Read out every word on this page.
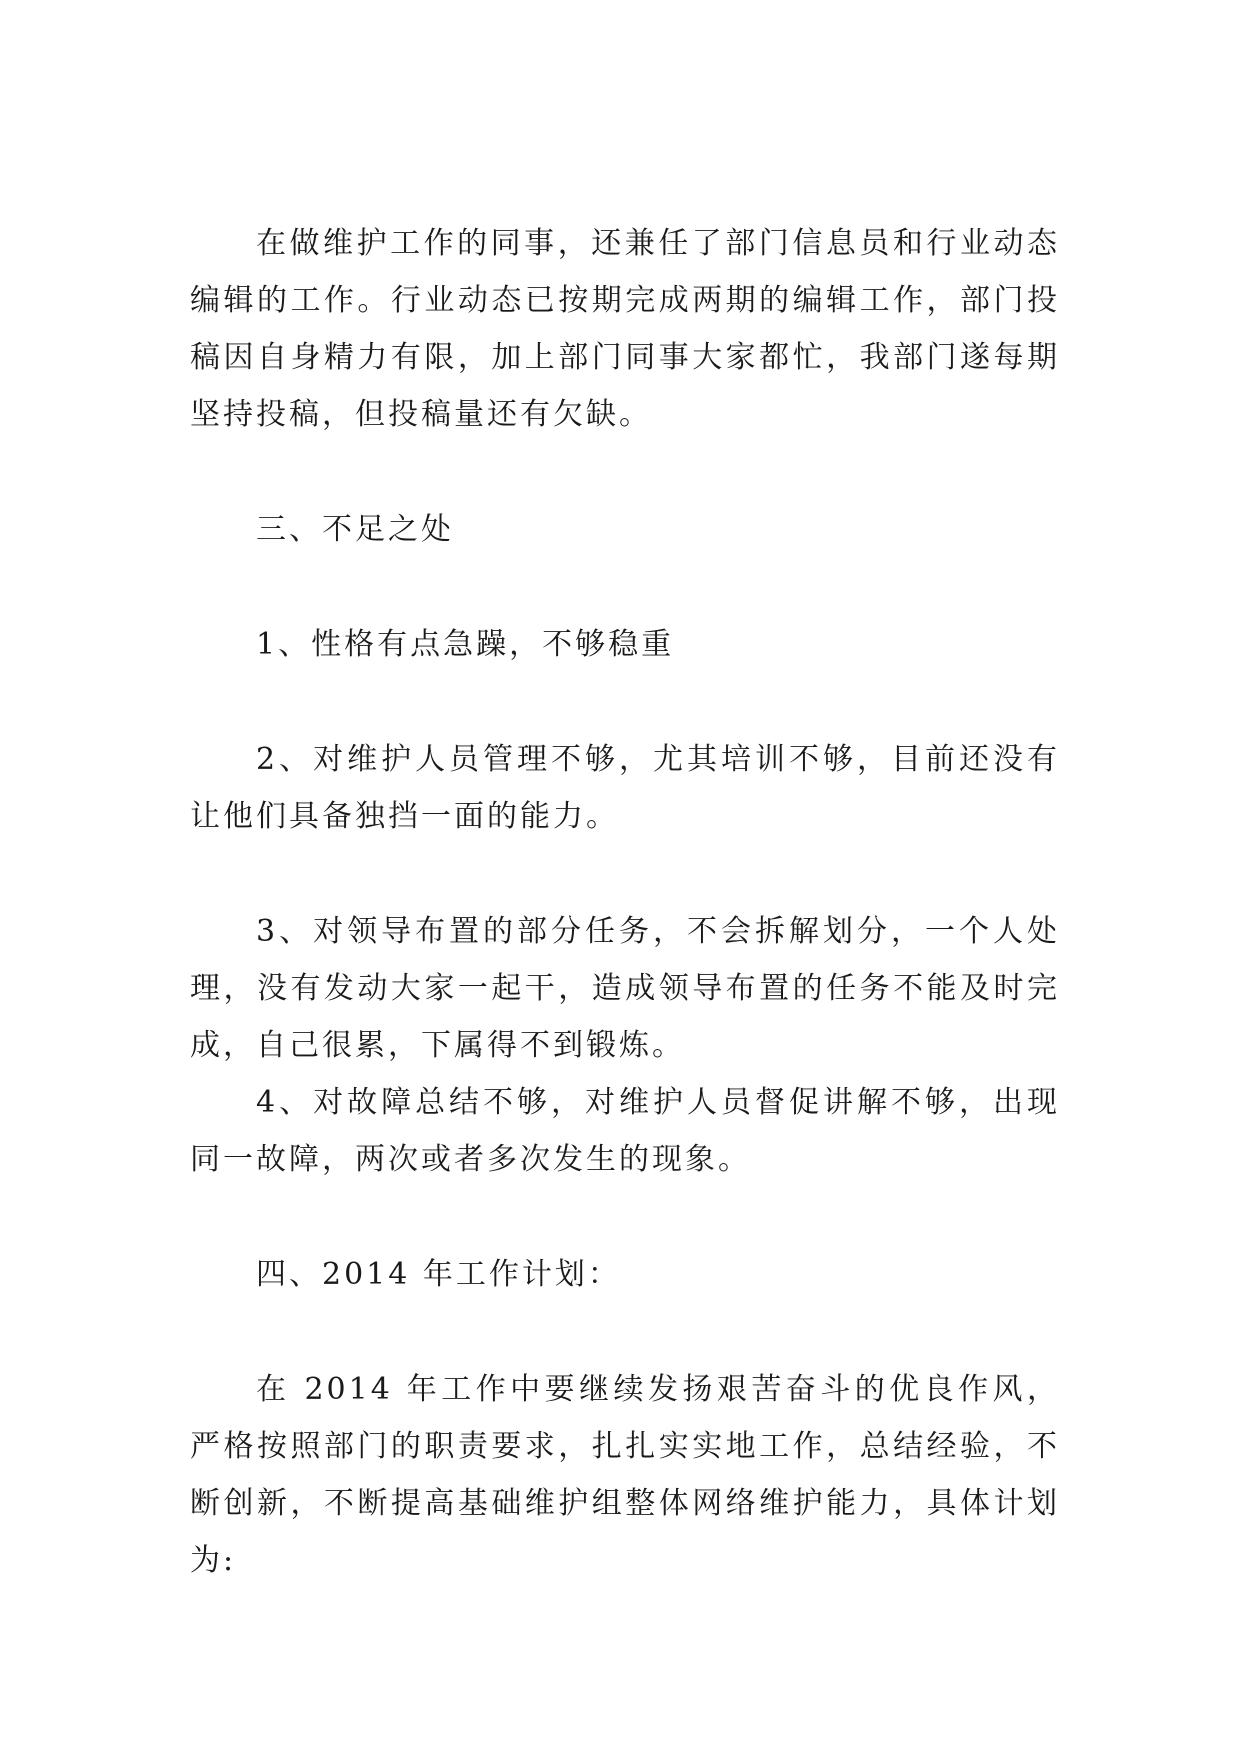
在做维护工作的同事，还兼任了部门信息员和行业动态编辑的工作。行业动态已按期完成两期的编辑工作，部门投稿因自身精力有限，加上部门同事大家都忙，我部门遂每期坚持投稿，但投稿量还有欠缺。

三、不足之处

1、性格有点急躁，不够稳重

2、对维护人员管理不够，尤其培训不够，目前还没有让他们具备独挡一面的能力。

3、对领导布置的部分任务，不会拆解划分，一个人处理，没有发动大家一起干，造成领导布置的任务不能及时完成，自己很累，下属得不到锻炼。

4、对故障总结不够，对维护人员督促讲解不够，出现同一故障，两次或者多次发生的现象。

四、2014 年工作计划：

在 2014 年工作中要继续发扬艰苦奋斗的优良作风，严格按照部门的职责要求，扎扎实实地工作，总结经验，不断创新，不断提高基础维护组整体网络维护能力，具体计划为:
